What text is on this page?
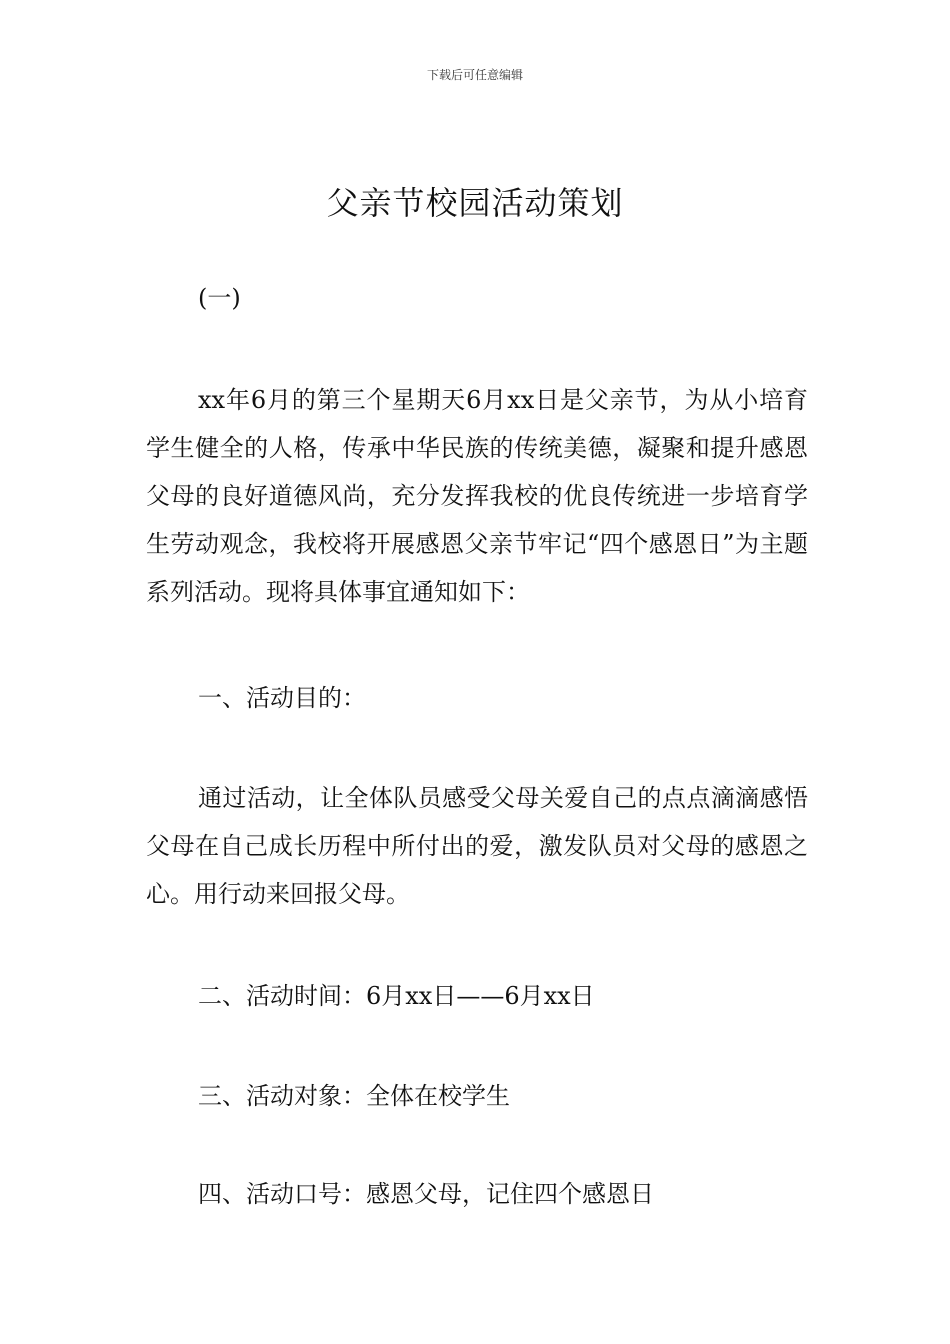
下载后可任意编辑
父亲节校园活动策划

(一)

xx年6月的第三个星期天6月xx日是父亲节，为从小培育学生健全的人格，传承中华民族的传统美德，凝聚和提升感恩父母的良好道德风尚，充分发挥我校的优良传统进一步培育学生劳动观念，我校将开展感恩父亲节牢记“四个感恩日”为主题系列活动。现将具体事宜通知如下：

一、活动目的：

通过活动，让全体队员感受父母关爱自己的点点滴滴感悟父母在自己成长历程中所付出的爱，激发队员对父母的感恩之心。用行动来回报父母。

二、活动时间：6月xx日——6月xx日

三、活动对象：全体在校学生

四、活动口号：感恩父母，记住四个感恩日
